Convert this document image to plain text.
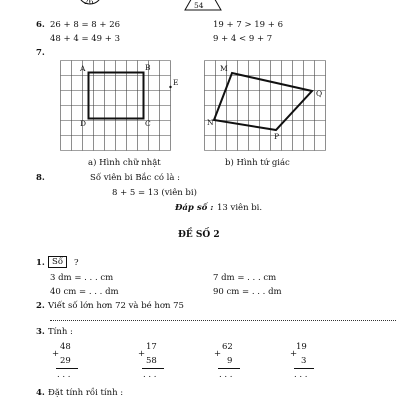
26	54
6. 26 + 8 = 8 + 26	19 + 7 > 19 + 6
48 + 4 = 49 + 3	9 + 4 < 9 + 7
7.
A	B
E
D	C
M
Q
N
P
a) Hình chữ nhật	b) Hình tứ giác
8.	Số viên bi Bắc có là :
8 + 5 = 13 (viên bi)
Đáp số : 13 viên bi.
ĐỀ SỐ 2
1. Số	?
3 dm = . . . cm	7 dm = . . . cm
40 cm = . . . dm	90 cm = . . . dm
2. Viết số lớn hơn 72 và bé hơn 75
3. Tính :
48
+
29
. . .
17
+
58
. . .
62
+
9
. . .
19
+
3
. . .
4. Đặt tính rồi tính :
